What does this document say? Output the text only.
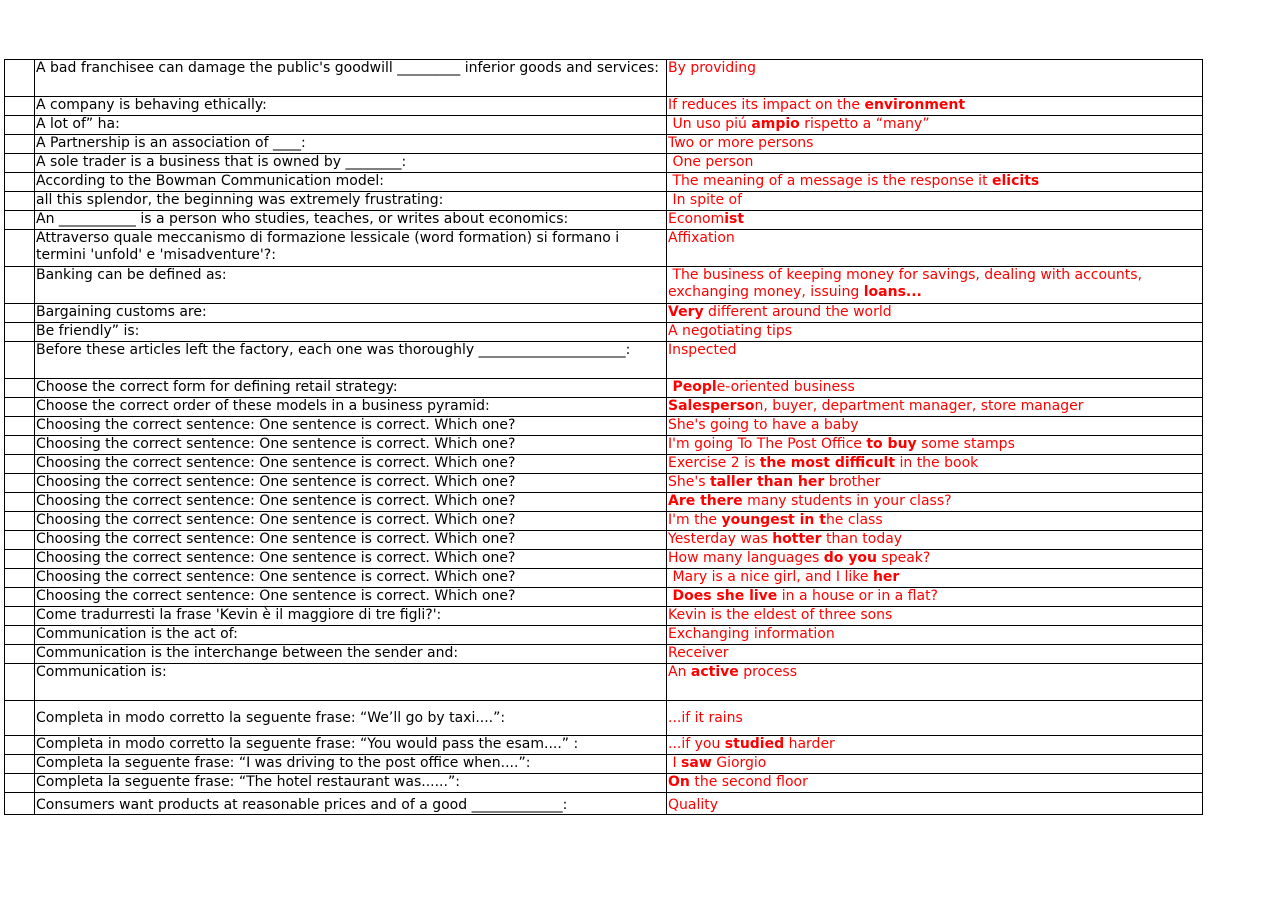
	A bad franchisee can damage the public's goodwill _________ inferior goods and services:	By providing
	A company is behaving ethically:	If reduces its impact on the environment
	A lot of” ha:	Un uso piú ampio rispetto a “many”
	A Partnership is an association of ____:	Two or more persons
	A sole trader is a business that is owned by ________:	One person
	According to the Bowman Communication model:	The meaning of a message is the response it elicits
	all this splendor, the beginning was extremely frustrating:	In spite of
	An ___________ is a person who studies, teaches, or writes about economics:	Economist
	Attraverso quale meccanismo di formazione lessicale (word formation) si formano i termini 'unfold' e 'misadventure'?:	Affixation
	Banking can be defined as:	The business of keeping money for savings, dealing with accounts, exchanging money, issuing loans...
	Bargaining customs are:	Very different around the world
	Be friendly” is:	A negotiating tips
	Before these articles left the factory, each one was thoroughly _____________________:	Inspected
	Choose the correct form for defining retail strategy:	People-oriented business
	Choose the correct order of these models in a business pyramid:	Salesperson, buyer, department manager, store manager
	Choosing the correct sentence: One sentence is correct. Which one?	She's going to have a baby
	Choosing the correct sentence: One sentence is correct. Which one?	I'm going To The Post Office to buy some stamps
	Choosing the correct sentence: One sentence is correct. Which one?	Exercise 2 is the most difficult in the book
	Choosing the correct sentence: One sentence is correct. Which one?	She's taller than her brother
	Choosing the correct sentence: One sentence is correct. Which one?	Are there many students in your class?
	Choosing the correct sentence: One sentence is correct. Which one?	I'm the youngest in the class
	Choosing the correct sentence: One sentence is correct. Which one?	Yesterday was hotter than today
	Choosing the correct sentence: One sentence is correct. Which one?	How many languages do you speak?
	Choosing the correct sentence: One sentence is correct. Which one?	Mary is a nice girl, and I like her
	Choosing the correct sentence: One sentence is correct. Which one?	Does she live in a house or in a flat?
	Come tradurresti la frase 'Kevin è il maggiore di tre figli?':	Kevin is the eldest of three sons
	Communication is the act of:	Exchanging information
	Communication is the interchange between the sender and:	Receiver
	Communication is:	An active process
	Completa in modo corretto la seguente frase: “We’ll go by taxi....”:	...if it rains
	Completa in modo corretto la seguente frase: “You would pass the esam....” :	...if you studied harder
	Completa la seguente frase: “I was driving to the post office when....”:	I saw Giorgio
	Completa la seguente frase: “The hotel restaurant was......”:	On the second floor
	Consumers want products at reasonable prices and of a good _____________:	Quality
